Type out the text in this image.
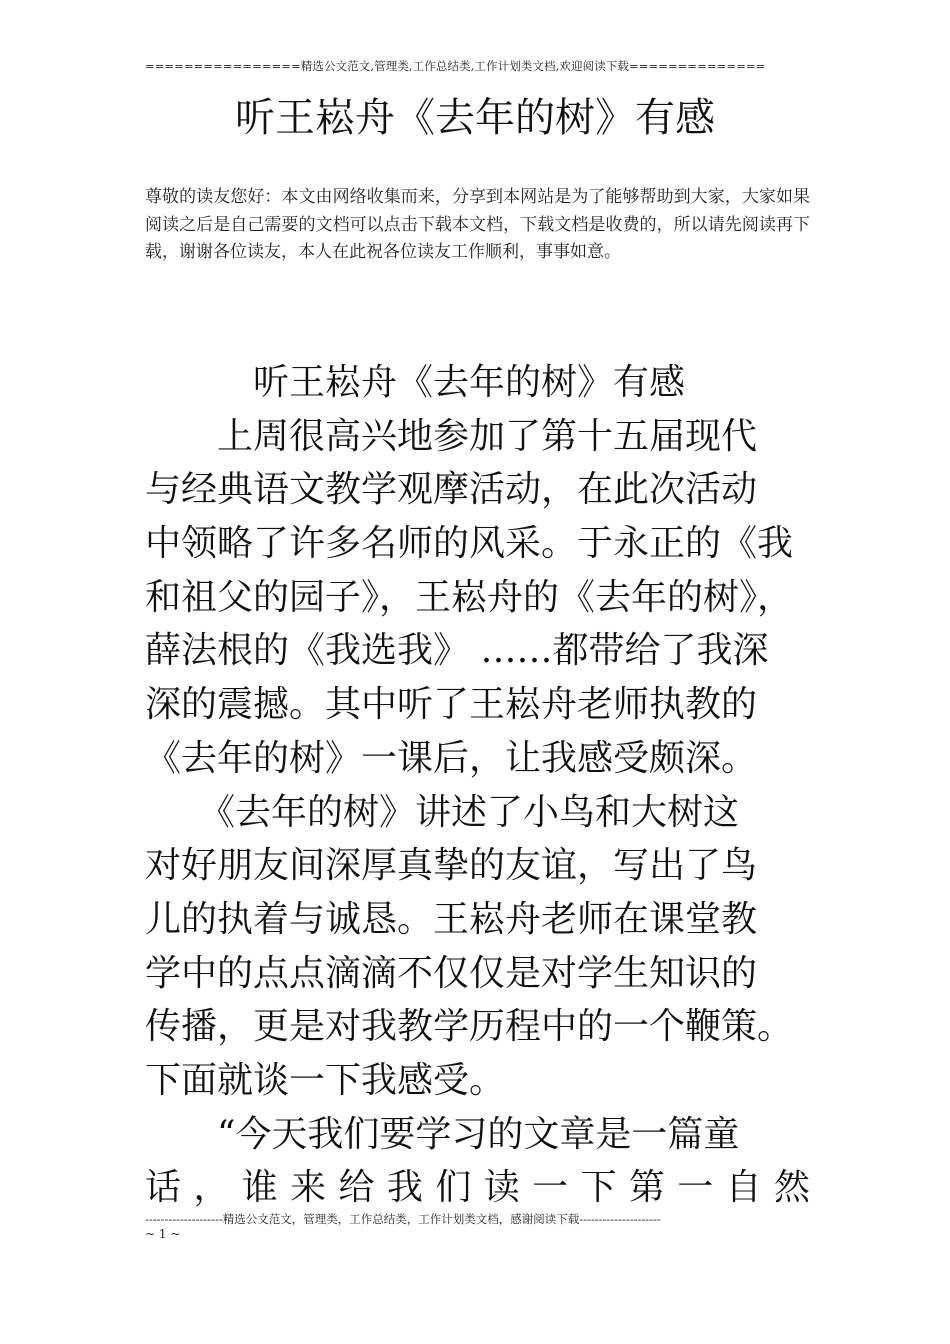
================精选公文范文,管理类,工作总结类,工作计划类文档,欢迎阅读下载==============
听王崧舟《去年的树》有感
尊敬的读友您好：本文由网络收集而来，分享到本网站是为了能够帮助到大家，大家如果阅读之后是自己需要的文档可以点击下载本文档，下载文档是收费的，所以请先阅读再下载，谢谢各位读友，本人在此祝各位读友工作顺利，事事如意。
　　　听王崧舟《去年的树》有感
　　上周很高兴地参加了第十五届现代
与经典语文教学观摩活动，在此次活动
中领略了许多名师的风采。于永正的《我
和祖父的园子》，王崧舟的《去年的树》，
薛法根的《我选我》 ……都带给了我深
深的震撼。其中听了王崧舟老师执教的
《去年的树》一课后，让我感受颇深。
　　《去年的树》讲述了小鸟和大树这
对好朋友间深厚真挚的友谊，写出了鸟
儿的执着与诚恳。王崧舟老师在课堂教
学中的点点滴滴不仅仅是对学生知识的
传播，更是对我教学历程中的一个鞭策。
下面就谈一下我感受。
　　“今天我们要学习的文章是一篇童
话 ， 谁 来 给 我 们 读 一 下 第 一 自 然
--------------------精选公文范文，管理类，工作总结类，工作计划类文档，感谢阅读下载---------------------
~ 1 ~
